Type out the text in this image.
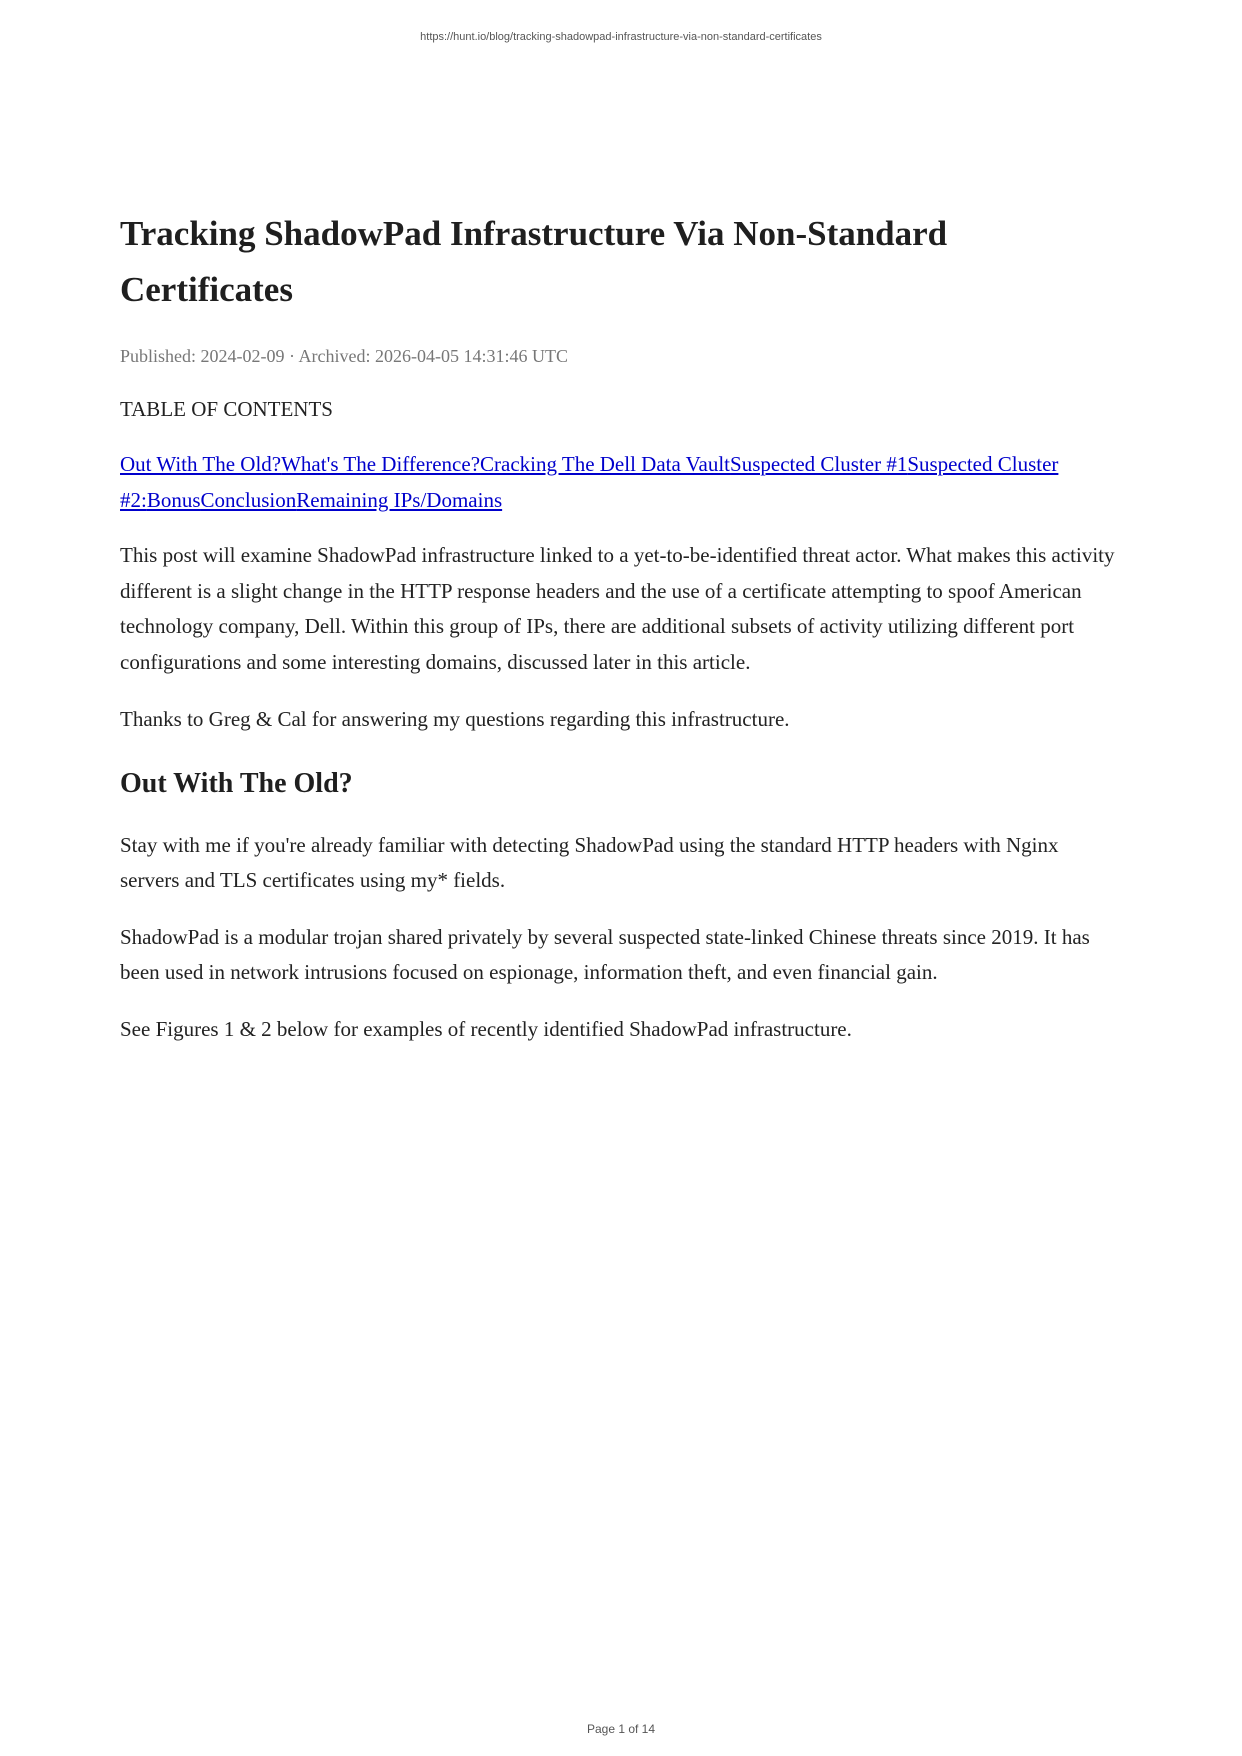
https://hunt.io/blog/tracking-shadowpad-infrastructure-via-non-standard-certificates
Tracking ShadowPad Infrastructure Via Non-Standard Certificates
Published: 2024-02-09 · Archived: 2026-04-05 14:31:46 UTC
TABLE OF CONTENTS
Out With The Old?What's The Difference?Cracking The Dell Data VaultSuspected Cluster #1Suspected Cluster #2:BonusConclusionRemaining IPs/Domains

This post will examine ShadowPad infrastructure linked to a yet-to-be-identified threat actor. What makes this activity different is a slight change in the HTTP response headers and the use of a certificate attempting to spoof American technology company, Dell. Within this group of IPs, there are additional subsets of activity utilizing different port configurations and some interesting domains, discussed later in this article.

Thanks to Greg & Cal for answering my questions regarding this infrastructure.

Out With The Old?

Stay with me if you're already familiar with detecting ShadowPad using the standard HTTP headers with Nginx servers and TLS certificates using my* fields.

ShadowPad is a modular trojan shared privately by several suspected state-linked Chinese threats since 2019. It has been used in network intrusions focused on espionage, information theft, and even financial gain.

See Figures 1 & 2 below for examples of recently identified ShadowPad infrastructure.

Page 1 of 14
